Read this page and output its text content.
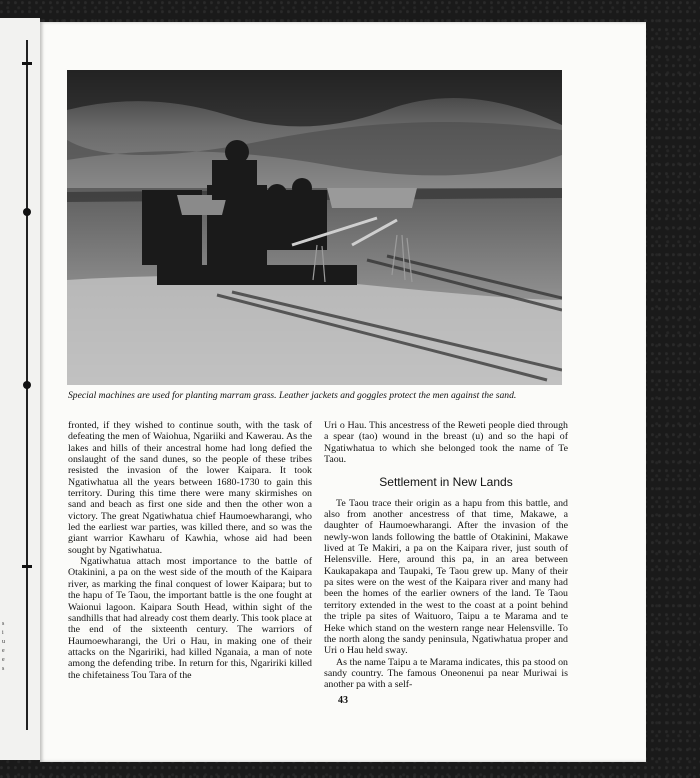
s
i
u
e
e
s
Special machines are used for planting marram grass. Leather jackets and goggles protect the men against the sand.

fronted, if they wished to continue south, with the task of defeating the men of Waiohua, Ngariiki and Kawerau. As the lakes and hills of their ancestral home had long defied the onslaught of the sand dunes, so the people of these tribes resisted the invasion of the lower Kaipara. It took Ngatiwhatua all the years between 1680-1730 to gain this territory. During this time there were many skirmishes on sand and beach as first one side and then the other won a victory. The great Ngatiwhatua chief Haumoewharangi, who led the earliest war parties, was killed there, and so was the giant warrior Kawharu of Kawhia, whose aid had been sought by Ngatiwhatua.

Ngatiwhatua attach most importance to the battle of Otakinini, a pa on the west side of the mouth of the Kaipara river, as marking the final conquest of lower Kaipara; but to the hapu of Te Taou, the important battle is the one fought at Waionui lagoon. Kaipara South Head, within sight of the sandhills that had already cost them dearly. This took place at the end of the sixteenth century. The warriors of Haumoewharangi, the Uri o Hau, in making one of their attacks on the Ngaririki, had killed Nganaia, a man of note among the defending tribe. In return for this, Ngaririki killed the chifetainess Tou Tara of the

Uri o Hau. This ancestress of the Reweti people died through a spear (tao) wound in the breast (u) and so the hapi of Ngatiwhatua to which she belonged took the name of Te Taou.

Settlement in New Lands

Te Taou trace their origin as a hapu from this battle, and also from another ancestress of that time, Makawe, a daughter of Haumoewharangi. After the invasion of the newly-won lands following the battle of Otakinini, Makawe lived at Te Makiri, a pa on the Kaipara river, just south of Helensville. Here, around this pa, in an area between Kaukapakapa and Taupaki, Te Taou grew up. Many of their pa sites were on the west of the Kaipara river and many had been the homes of the earlier owners of the land. Te Taou territory extended in the west to the coast at a point behind the triple pa sites of Waituoro, Taipu a te Marama and te Heke which stand on the western range near Helensville. To the north along the sandy peninsula, Ngatiwhatua proper and Uri o Hau held sway.

As the name Taipu a te Marama indicates, this pa stood on sandy country. The famous Oneonenui pa near Muriwai is another pa with a self-

43
